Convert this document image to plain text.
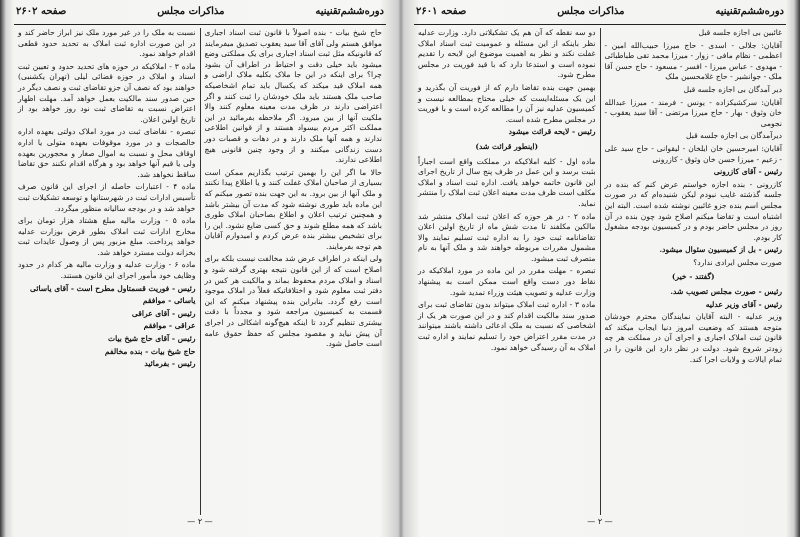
دوره‌ششم‌تقنینیه
مذاکرات مجلس
صفحه ۲۶۰۲

حاج شیخ بیات - بنده اصولاً با قانون ثبت اسناد اجباری موافق هستم ولی آقای آقا سید یعقوب تصدیق میفرمایند که قانونیکه مثل ثبت اسناد اجباری برای یک مملکتی وضع میشود باید خیلی دقت و احتیاط در اطراف آن بشود چرا؟ برای اینکه در این جا ملاک بکلیه ملاک اراضی و همه املاک قید میکند که یکسال باید تمام اشخاصیکه صاحب ملک هستند باید ملک خودشان را ثبت کنند و اگر اعتراضی دارند در ظرف مدت معینه معلوم کنند والا ملکیت آنها از بین میرود. اگر ملاحظه بفرمائید در این مملکت اکثر مردم بیسواد هستند و از قوانین اطلاعی ندارند و همه آنها ملک دارند و در دهات و قصبات دور دست زندگانی میکنند و از وجود چنین قانونی هیچ اطلاعی ندارند.

حالا ما اگر این را بهمین ترتیب بگذاریم ممکن است بسیاری از صاحبان املاک غفلت کنند و یا اطلاع پیدا نکنند و ملک آنها از بین برود. به این جهت بنده تصور میکنم که این ماده باید طوری نوشته شود که مدت آن بیشتر باشد و همچنین ترتیب اعلان و اطلاع بصاحبان املاک طوری باشد که همه مطلع شوند و حق کسی ضایع نشود. این را برای تشخیص بیشتر بنده عرض کردم و امیدوارم آقایان هم توجه بفرمایند.

ولی اینکه در اطراف عرض شد مخالفت نیست بلکه برای اصلاح است که از این قانون نتیجه بهتری گرفته شود و اسناد و املاک مردم محفوظ بماند و مالکیت هر کس در دفتر ثبت معلوم شود و اختلافاتیکه فعلاً در املاک موجود است رفع گردد. بنابراین بنده پیشنهاد میکنم که این قسمت به کمیسیون مراجعه شود و مجدداً با دقت بیشتری تنظیم گردد تا اینکه هیچ‌گونه اشکالی در اجرای آن پیش نیاید و مقصود مجلس که حفظ حقوق عامه است حاصل شود.

نسبت به ملک را در غیر مورد ملک نیز ابراز حاضر کند و در این صورت اداره ثبت املاک به تحدید حدود قطعی اقدام خواهد نمود.

ماده ۳ - املاکیکه در حوزه های تحدید حدود و تعیین ثبت اسناد و املاک در حوزه قضائی لیلی (تهران یکشنبی) خواهند بود که نصف آن جزو تقاضای ثبت و نصف دیگر در حین صدور سند مالکیت بعمل خواهد آمد. مهلت اظهار اعتراض نسبت به تقاضای ثبت نود روز خواهد بود از تاریخ اولین اعلان.

تبصره - نقاضای ثبت در مورد املاک دولتی بعهده اداره خالصجات و در مورد موقوفات بعهده متولی یا اداره اوقاف محل و نسبت به اموال صغار و محجورین بعهده ولی یا قیم آنها خواهد بود و هرگاه اقدام نکنند حق تقاضا ساقط نخواهد شد.

ماده ۴ - اعتبارات حاصله از اجرای این قانون صرف تأسیس ادارات ثبت در شهرستانها و توسعه تشکیلات ثبت خواهد شد و در بودجه سالیانه منظور میگردد.

ماده ۵ - وزارت مالیه مبلغ هشتاد هزار تومان برای مخارج ادارات ثبت املاک بطور قرض بوزارت عدلیه خواهد پرداخت. مبلغ مزبور پس از وصول عایدات ثبت بخزانه دولت مسترد خواهد شد.

ماده ۶ - وزارت عدلیه و وزارت مالیه هر کدام در حدود وظایف خود مأمور اجرای این قانون هستند.

رئیس - فوریت قسمتاول مطرح است - آقای یاسائی

یاسائی - موافقم

رئیس - آقای عراقی

عراقی - موافقم

رئیس - آقای حاج شیخ بیات

حاج شیخ بیات - بنده مخالفم

رئیس - بفرمائید

— ۲ —
دوره‌ششم‌تقنینیه
مذاکرات مجلس
صفحه ۲۶۰۱

غائبین بی اجازه جلسه قبل

آقایان: جلالی - اسدی - حاج میرزا حبیب‌الله امین - اعظمی - نظام مافی - زوار - میرزا محمد تقی طباطبائی - مهدوی - عباس میرزا - افسر - مسعود - حاج حسن آقا ملک - جوانشیر - حاج غلامحسین ملک

دیر آمدگان بی اجازه جلسه قبل

آقایان: سرکشیکزاده - یونس - فرمند - میرزا عبدالله خان وثوق - بهار - حاج میرزا مرتضی - آقا سید یعقوب - نجومی

دیرآمدگان بی اجازه جلسه قبل

آقایان: امیرحسین خان ایلخان - لیقوانی - حاج سید علی - زعیم - میرزا حسن خان وثوق - کازرونی

رئیس - آقای کازرونی

کازرونی - بنده اجازه خواستم عرض کنم که بنده در جلسه گذشته غایب نبودم لیکن شنیده‌ام که در صورت مجلس اسم بنده جزو غائبین نوشته شده است. البته این اشتباه است و تقاضا میکنم اصلاح شود چون بنده در آن روز در مجلس حاضر بودم و در کمیسیون بودجه مشغول کار بودم.

رئیس - بل از کمیسیون سئوال میشود.

صورت مجلس ایرادی ندارد؟

(گفتند - خیر)

رئیس - صورت مجلس تصویب شد.

رئیس - آقای وزیر عدلیه

وزیر عدلیه - البته آقایان نمایندگان محترم خودشان متوجه هستند که وضعیت امروز دنیا ایجاب میکند که قانون ثبت املاک اجباری و اجرای آن در مملکت هر چه زودتر شروع شود. دولت در نظر دارد این قانون را در تمام ایالات و ولایات اجرا کند.

دو سه نقطه که آن هم یک تشکیلاتی دارد. وزارت عدلیه نظر باینکه از این مسئله و عمومیت ثبت اسناد املاک غفلت نکند و نظر به اهمیت موضوع این لایحه را تقدیم نموده است و استدعا دارد که با قید فوریت در مجلس مطرح شود.

بهمین جهت بنده تقاضا دارم که از فوریت آن بگذرید و این یک مسئله‌ایست که خیلی محتاج بمطالعه نیست و کمیسیون عدلیه نیز آن را مطالعه کرده است و با فوریت در مجلس مطرح شده است.

رئیس - لایحه قرائت میشود

(اینطور قرائت شد)

ماده اول - کلیه املاکیکه در مملکت واقع است اجباراً بثبت برسد و این عمل در ظرف پنج سال از تاریخ اجرای این قانون خاتمه خواهد یافت. اداره ثبت اسناد و املاک مکلف است ظرف مدت معینه اعلان ثبت املاک را منتشر نماید.

ماده ۲ - در هر حوزه که اعلان ثبت املاک منتشر شد مالکین مکلفند تا مدت شش ماه از تاریخ اولین اعلان تقاضانامه ثبت خود را به اداره ثبت تسلیم نمایند والا مشمول مقررات مربوطه خواهند شد و ملک آنها به نام متصرف ثبت میشود.

تبصره - مهلت مقرر در این ماده در مورد املاکیکه در نقاط دور دست واقع است ممکن است به پیشنهاد وزارت عدلیه و تصویب هیئت وزراء تمدید شود.

ماده ۳ - اداره ثبت املاک میتواند بدون تقاضای ثبت برای صدور سند مالکیت اقدام کند و در این صورت هر یک از اشخاصی که نسبت به ملک ادعائی داشته باشند میتوانند در مدت مقرر اعتراض خود را تسلیم نمایند و اداره ثبت املاک به آن رسیدگی خواهد نمود.

— ۲ —
